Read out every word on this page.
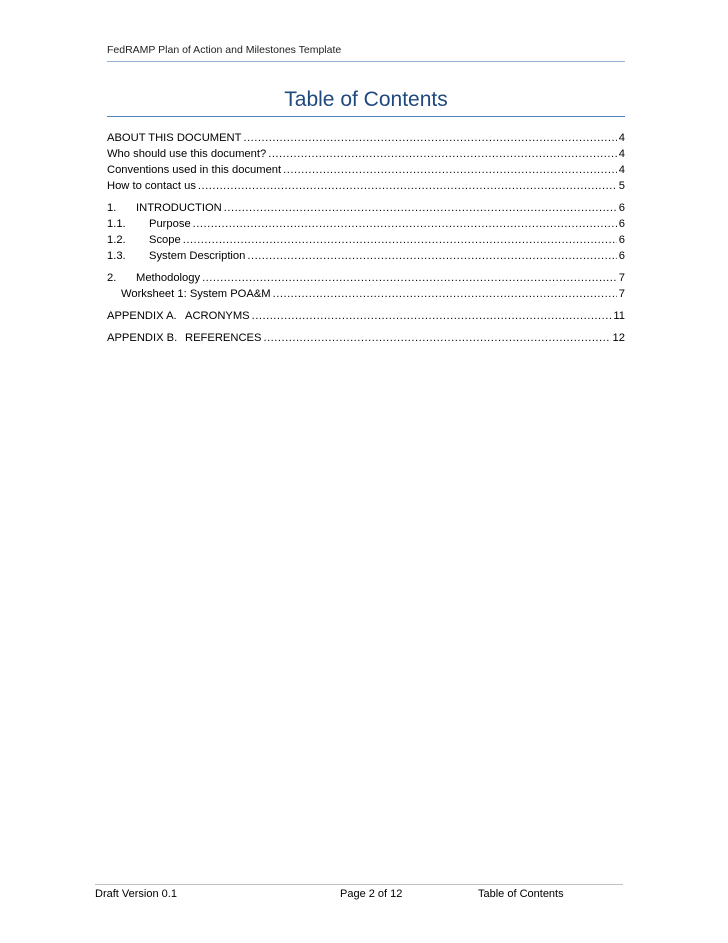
FedRAMP Plan of Action and Milestones Template
Table of Contents
ABOUT THIS DOCUMENT .....	4
Who should use this document? .....	4
Conventions used in this document .....	4
How to contact us .....	5
1.	INTRODUCTION .....	6
1.1.	Purpose .....	6
1.2.	Scope .....	6
1.3.	System Description .....	6
2.	Methodology .....	7
Worksheet 1: System POA&M .....	7
APPENDIX A. ACRONYMS .....	11
APPENDIX B. REFERENCES .....	12
Draft Version 0.1	Page 2 of 12	Table of Contents
